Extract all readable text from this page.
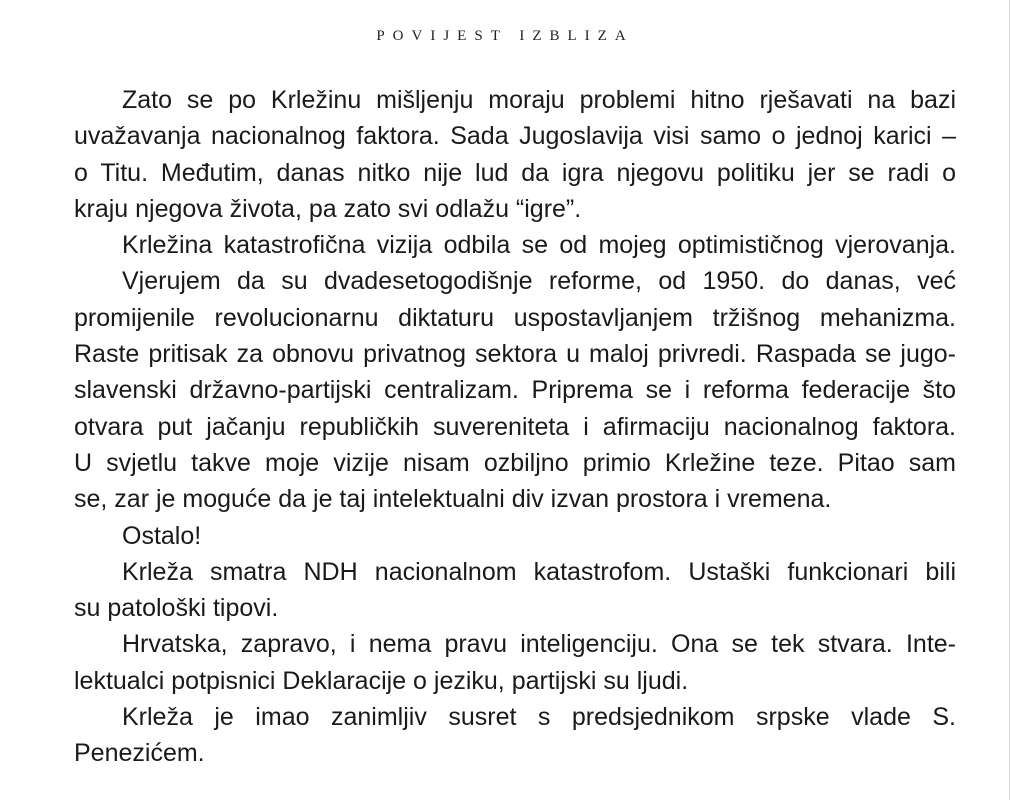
POVIJEST IZBLIZA
Zato se po Krležinu mišljenju moraju problemi hitno rješavati na bazi
uvažavanja nacionalnog faktora. Sada Jugoslavija visi samo o jednoj karici –
o Titu. Međutim, danas nitko nije lud da igra njegovu politiku jer se radi o
kraju njegova života, pa zato svi odlažu “igre”.
Krležina katastrofična vizija odbila se od mojeg optimističnog vjerovanja.
Vjerujem da su dvadesetogodišnje reforme, od 1950. do danas, već
promijenile revolucionarnu diktaturu uspostavljanjem tržišnog mehanizma.
Raste pritisak za obnovu privatnog sektora u maloj privredi. Raspada se jugo-
slavenski državno-partijski centralizam. Priprema se i reforma federacije što
otvara put jačanju republičkih suvereniteta i afirmaciju nacionalnog faktora.
U svjetlu takve moje vizije nisam ozbiljno primio Krležine teze. Pitao sam
se, zar je moguće da je taj intelektualni div izvan prostora i vremena.
Ostalo!
Krleža smatra NDH nacionalnom katastrofom. Ustaški funkcionari bili
su patološki tipovi.
Hrvatska, zapravo, i nema pravu inteligenciju. Ona se tek stvara. Inte-
lektualci potpisnici Deklaracije o jeziku, partijski su ljudi.
Krleža je imao zanimljiv susret s predsjednikom srpske vlade S.
Penezićem.
